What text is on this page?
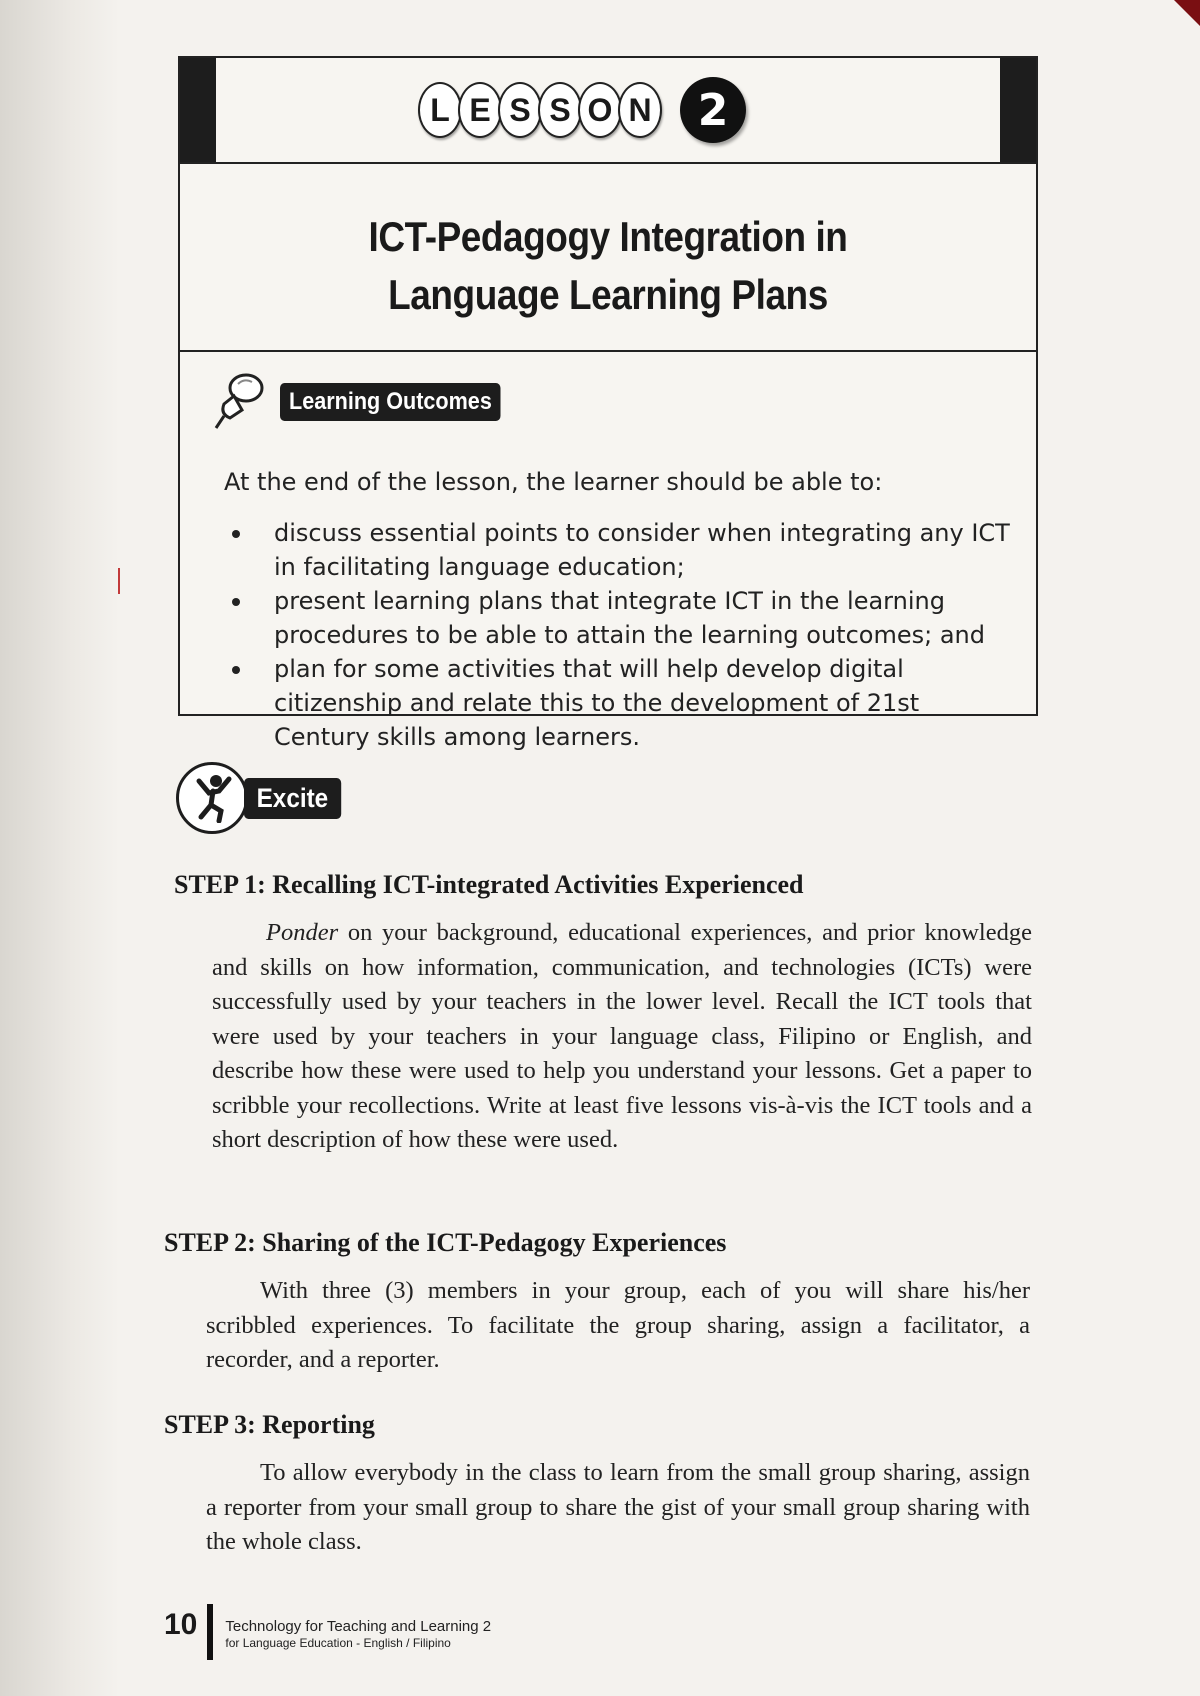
L E S S O N	2
ICT-Pedagogy Integration in
Language Learning Plans
Learning Outcomes
At the end of the lesson, the learner should be able to:
discuss essential points to consider when integrating any ICT in facilitating language education;
present learning plans that integrate ICT in the learning procedures to be able to attain the learning outcomes; and
plan for some activities that will help develop digital citizenship and relate this to the development of 21st Century skills among learners.
Excite
STEP 1: Recalling ICT-integrated Activities Experienced

Ponder on your background, educational experiences, and prior knowledge and skills on how information, communication, and technologies (ICTs) were successfully used by your teachers in the lower level. Recall the ICT tools that were used by your teachers in your language class, Filipino or English, and describe how these were used to help you understand your lessons. Get a paper to scribble your recollections. Write at least five lessons vis-à-vis the ICT tools and a short description of how these were used.

STEP 2: Sharing of the ICT-Pedagogy Experiences

With three (3) members in your group, each of you will share his/her scribbled experiences. To facilitate the group sharing, assign a facilitator, a recorder, and a reporter.

STEP 3: Reporting

To allow everybody in the class to learn from the small group sharing, assign a reporter from your small group to share the gist of your small group sharing with the whole class.

10 Technology for Teaching and Learning 2
for Language Education - English / Filipino
